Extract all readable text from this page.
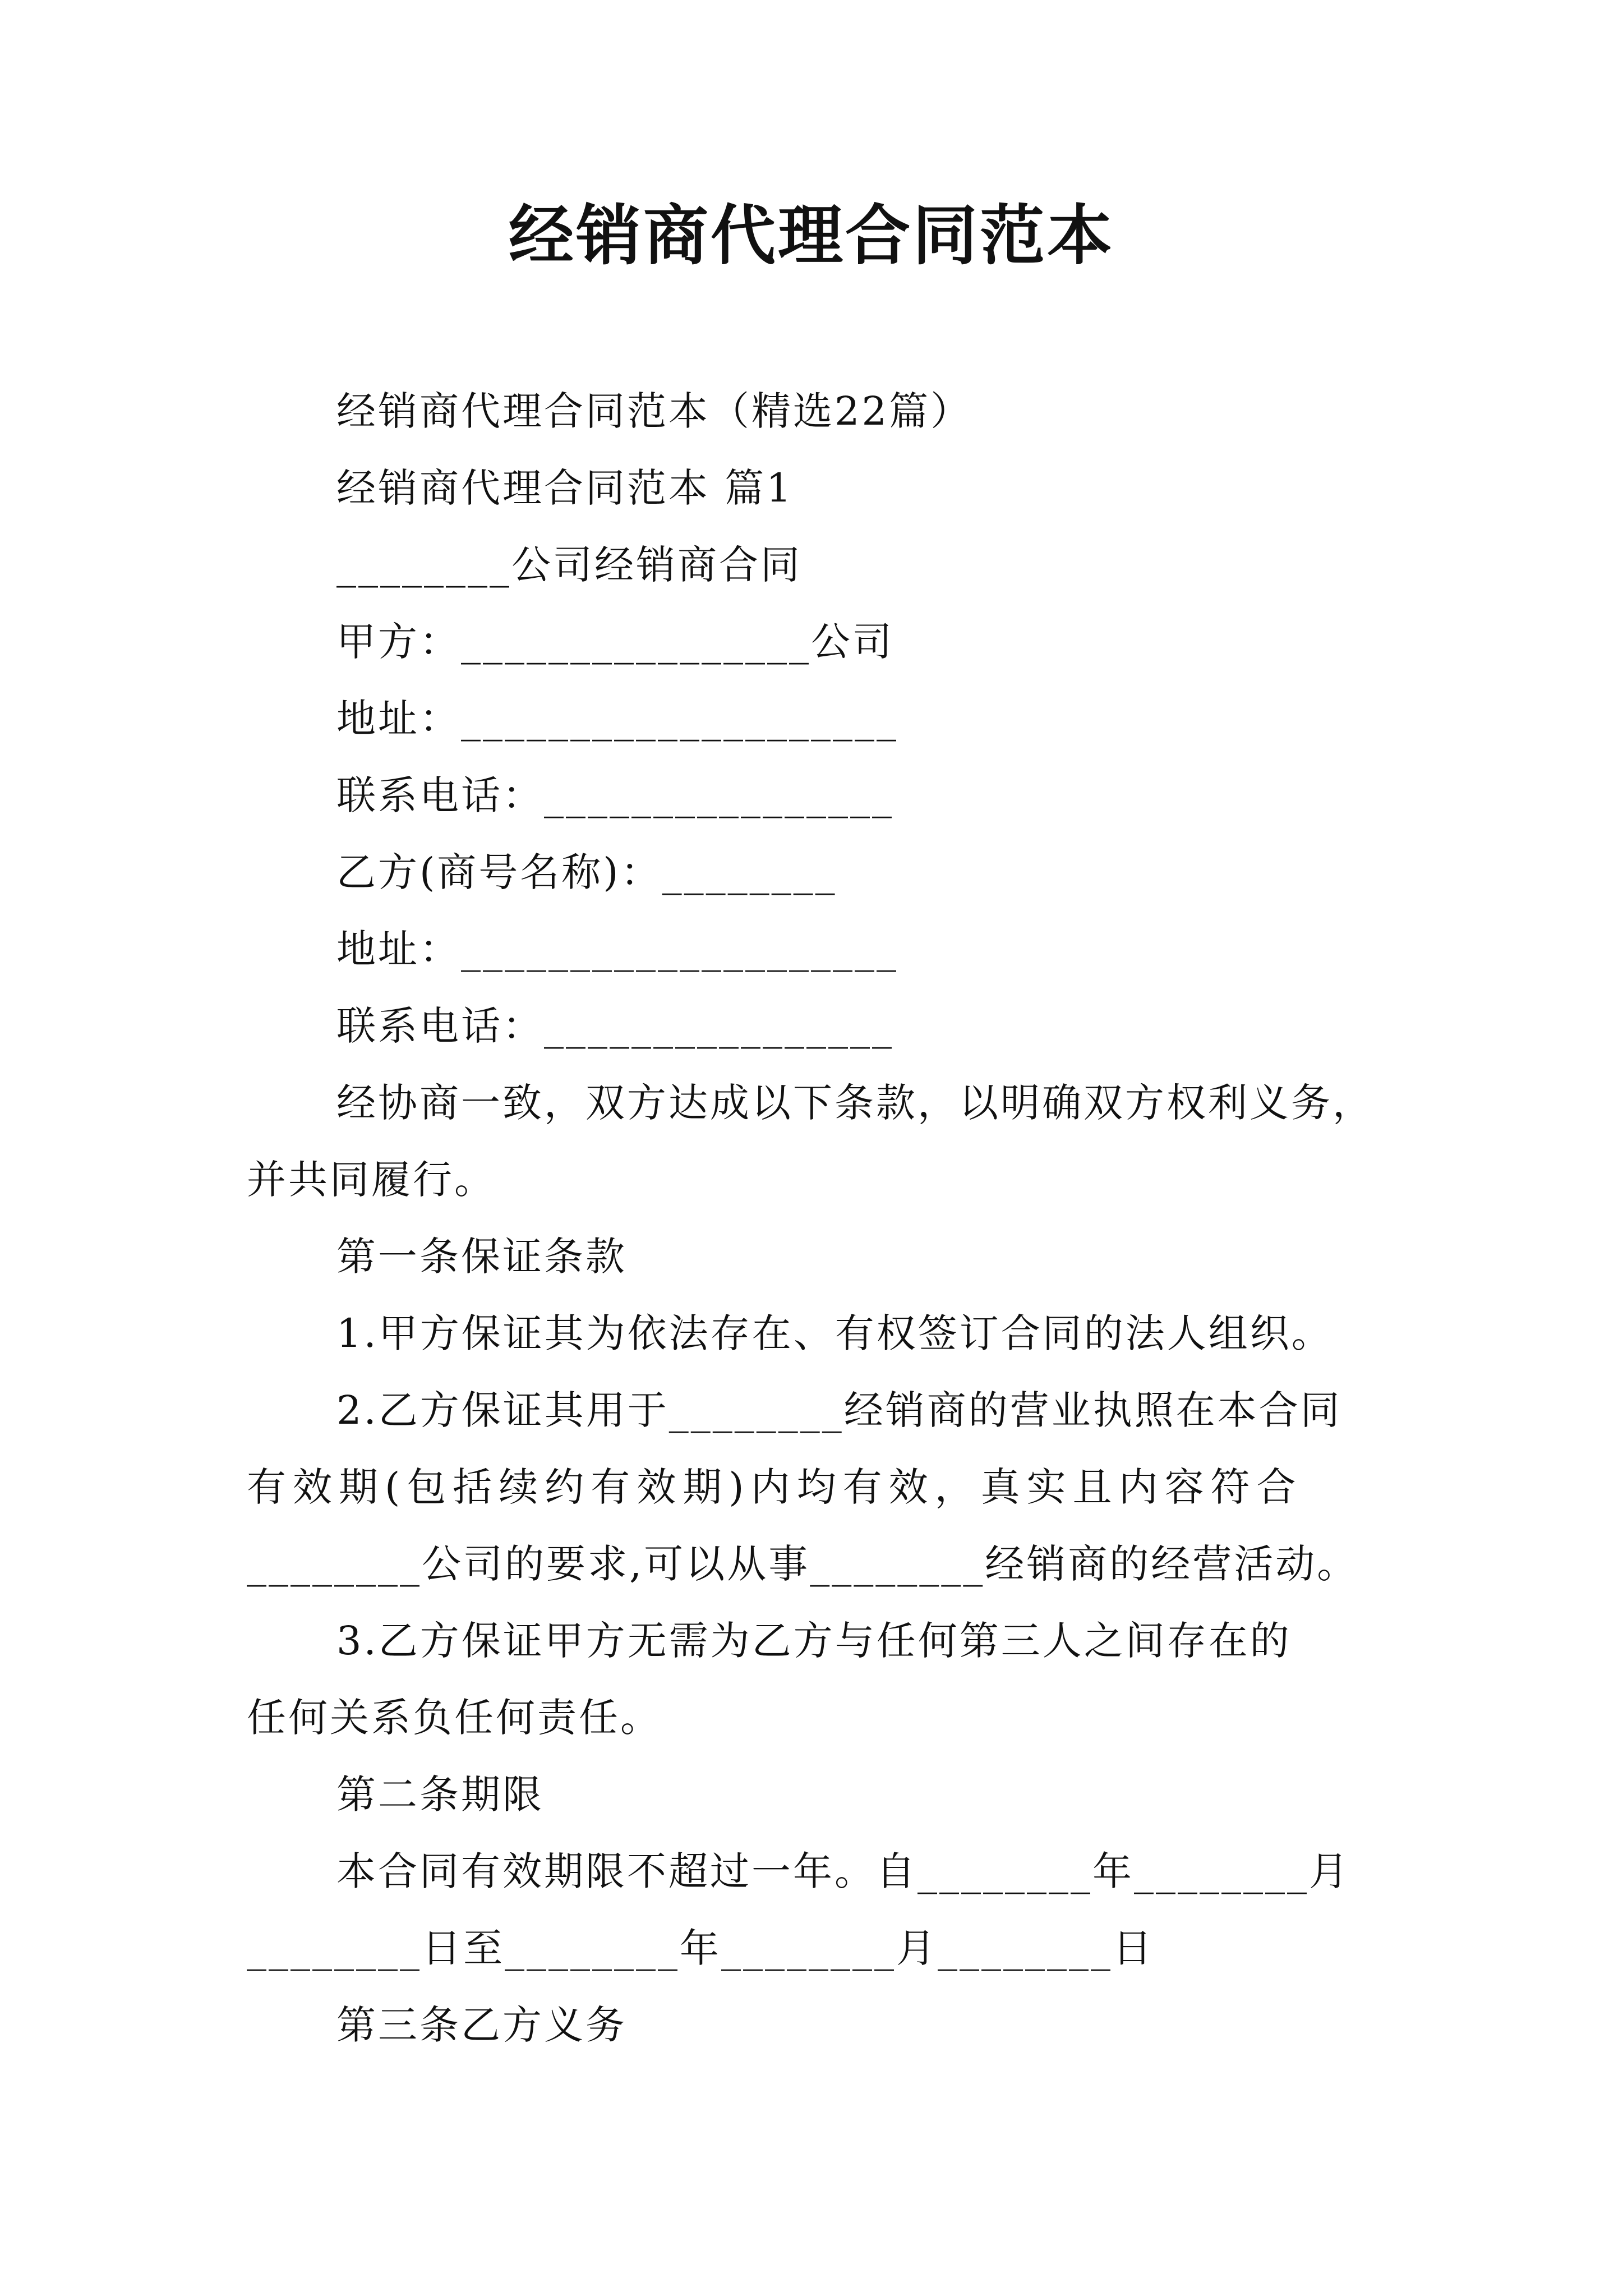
经销商代理合同范本
经销商代理合同范本（精选22篇）
经销商代理合同范本 篇1
________公司经销商合同
甲方：________________公司
地址：____________________
联系电话：________________
乙方(商号名称)：________
地址：____________________
联系电话：________________
经协商一致，双方达成以下条款，以明确双方权利义务，
并共同履行。
第一条保证条款
1.甲方保证其为依法存在、有权签订合同的法人组织。
2.乙方保证其用于________经销商的营业执照在本合同
有效期(包括续约有效期)内均有效，真实且内容符合
________公司的要求,可以从事________经销商的经营活动。
3.乙方保证甲方无需为乙方与任何第三人之间存在的
任何关系负任何责任。
第二条期限
本合同有效期限不超过一年。自________年________月
________日至________年________月________日
第三条乙方义务
